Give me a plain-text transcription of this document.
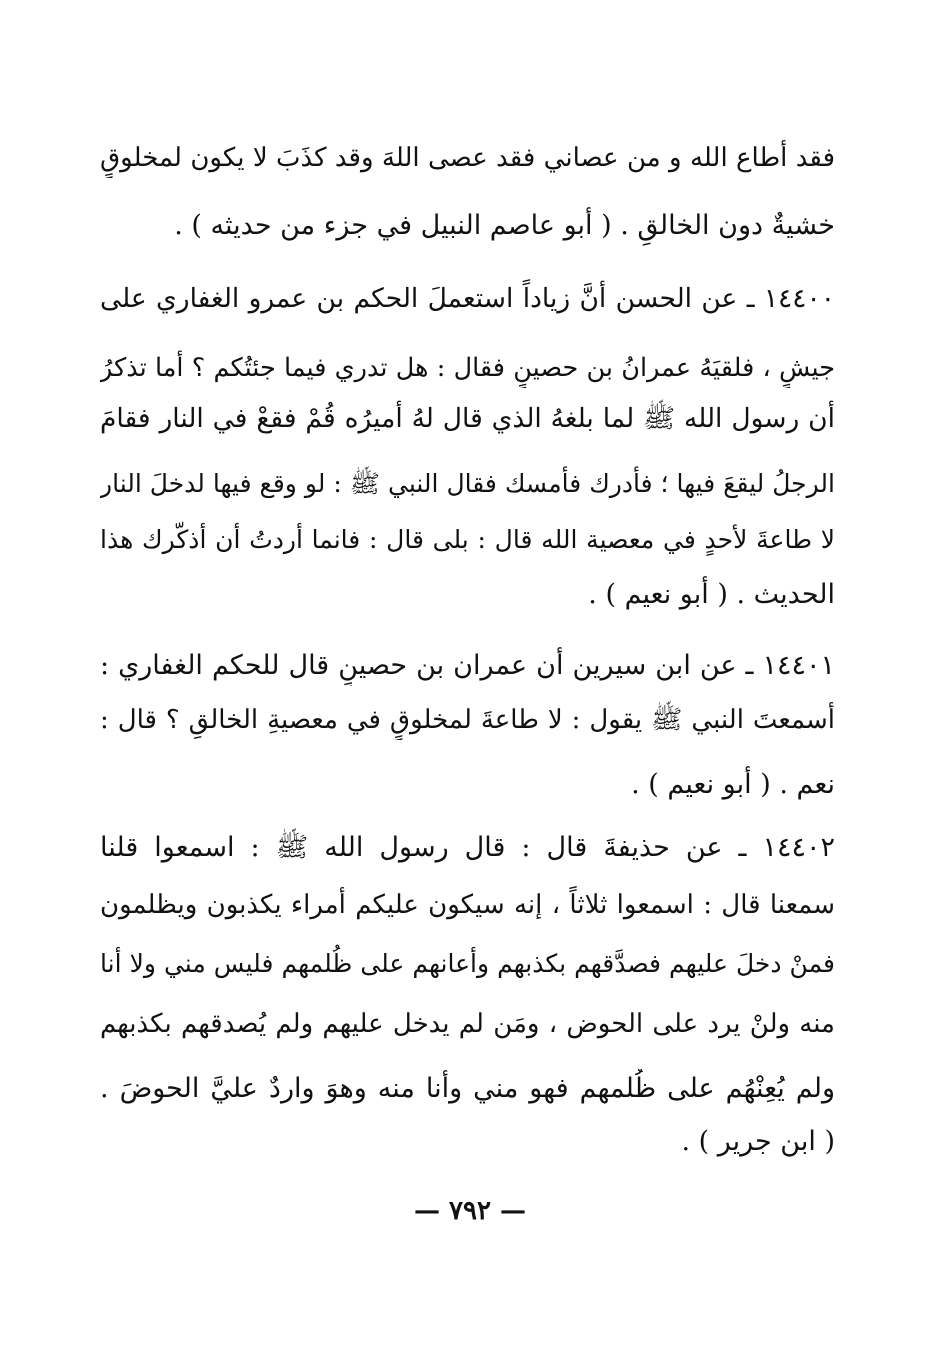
فقد أطاع الله و من عصاني فقد عصى اللهَ وقد كذَبَ لا يكون لمخلوقٍ
خشيةٌ دون الخالقِ . ( أبو عاصم النبيل في جزء من حديثه ) .
١٤٤٠٠ ـ عن الحسن أنَّ زياداً استعملَ الحكم بن عمرو الغفاري على
جيشٍ ، فلقيَهُ عمرانُ بن حصينٍ فقال : هل تدري فيما جئتُكم ؟ أما تذكرُ
أن رسول الله ﷺ لما بلغهُ الذي قال لهُ أميرُه قُمْ فقعْ في النار فقامَ
الرجلُ ليقعَ فيها ؛ فأدرك فأمسك فقال النبي ﷺ : لو وقع فيها لدخلَ النار
لا طاعةَ لأحدٍ في معصية الله قال : بلى قال : فانما أردتُ أن أذكّرك هذا
الحديث . ( أبو نعيم ) .
١٤٤٠١ ـ عن ابن سيرين أن عمران بن حصينٍ قال للحكم الغفاري :
أسمعتَ النبي ﷺ يقول : لا طاعةَ لمخلوقٍ في معصيةِ الخالقِ ؟ قال :
نعم . ( أبو نعيم ) .
١٤٤٠٢ ـ عن حذيفةَ قال : قال رسول الله ﷺ : اسمعوا قلنا
سمعنا قال : اسمعوا ثلاثاً ، إنه سيكون عليكم أمراء يكذبون ويظلمون
فمنْ دخلَ عليهم فصدَّقهم بكذبهم وأعانهم على ظُلمهم فليس مني ولا أنا
منه ولنْ يرد على الحوض ، ومَن لم يدخل عليهم ولم يُصدقهم بكذبهم
ولم يُعِنْهُم على ظُلمهم فهو مني وأنا منه وهوَ واردٌ عليَّ الحوضَ .
( ابن جرير ) .
— ٧٩٢ —
